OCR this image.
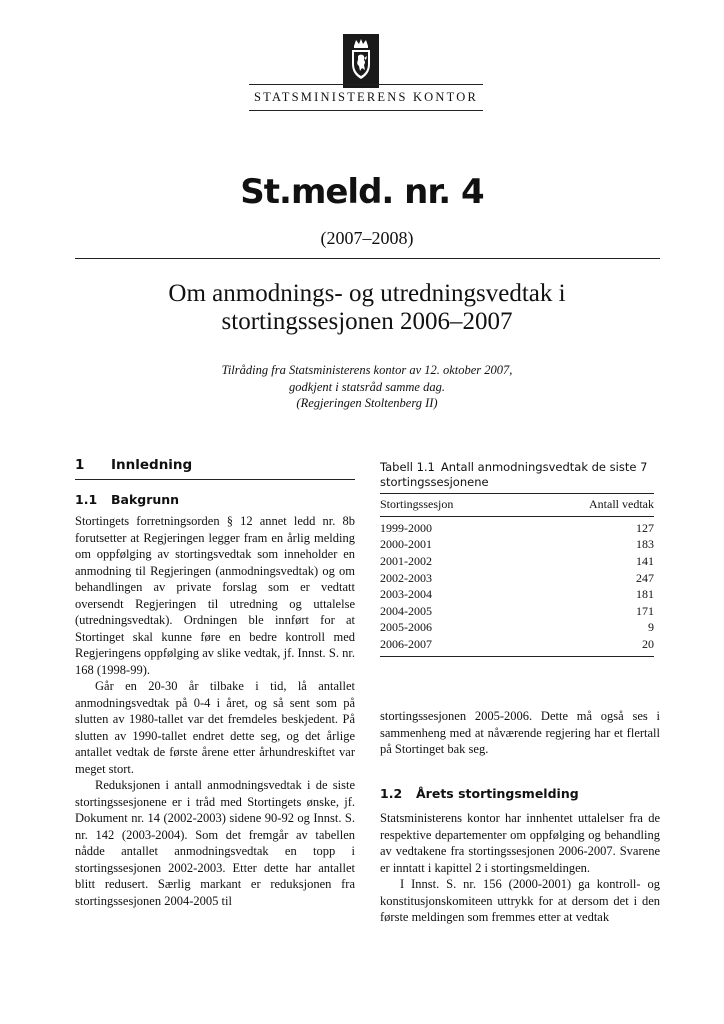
STATSMINISTERENS KONTOR
St.meld. nr. 4
(2007–2008)
Om anmodnings- og utredningsvedtak i
stortingssesjonen 2006–2007
Tilråding fra Statsministerens kontor av 12. oktober 2007,
godkjent i statsråd samme dag.
(Regjeringen Stoltenberg II)
1 Innledning
1.1 Bakgrunn

Stortingets forretningsorden § 12 annet ledd nr. 8b forutsetter at Regjeringen legger fram en årlig melding om oppfølging av stortingsvedtak som inneholder en anmodning til Regjeringen (anmodningsvedtak) og om behandlingen av private forslag som er vedtatt oversendt Regjeringen til utredning og uttalelse (utredningsvedtak). Ordningen ble innført for at Stortinget skal kunne føre en bedre kontroll med Regjeringens oppfølging av slike vedtak, jf. Innst. S. nr. 168 (1998-99).

Går en 20-30 år tilbake i tid, lå antallet anmodningsvedtak på 0-4 i året, og så sent som på slutten av 1980-tallet var det fremdeles beskjedent. På slutten av 1990-tallet endret dette seg, og det årlige antallet vedtak de første årene etter århundreskiftet var meget stort.

Reduksjonen i antall anmodningsvedtak i de siste stortingssesjonene er i tråd med Stortingets ønske, jf. Dokument nr. 14 (2002-2003) sidene 90-92 og Innst. S. nr. 142 (2003-2004). Som det fremgår av tabellen nådde antallet anmodningsvedtak en topp i stortingssesjonen 2002-2003. Etter dette har antallet blitt redusert. Særlig markant er reduksjonen fra stortingssesjonen 2004-2005 til

Tabell 1.1 Antall anmodningsvedtak de siste 7 stortingssesjonene
Stortingssesjon	Antall vedtak
1999-2000	127
2000-2001	183
2001-2002	141
2002-2003	247
2003-2004	181
2004-2005	171
2005-2006	9
2006-2007	20

stortingssesjonen 2005-2006. Dette må også ses i sammenheng med at nåværende regjering har et flertall på Stortinget bak seg.

1.2 Årets stortingsmelding

Statsministerens kontor har innhentet uttalelser fra de respektive departementer om oppfølging og behandling av vedtakene fra stortingssesjonen 2006-2007. Svarene er inntatt i kapittel 2 i stortingsmeldingen.

I Innst. S. nr. 156 (2000-2001) ga kontroll- og konstitusjonskomiteen uttrykk for at dersom det i den første meldingen som fremmes etter at vedtak
